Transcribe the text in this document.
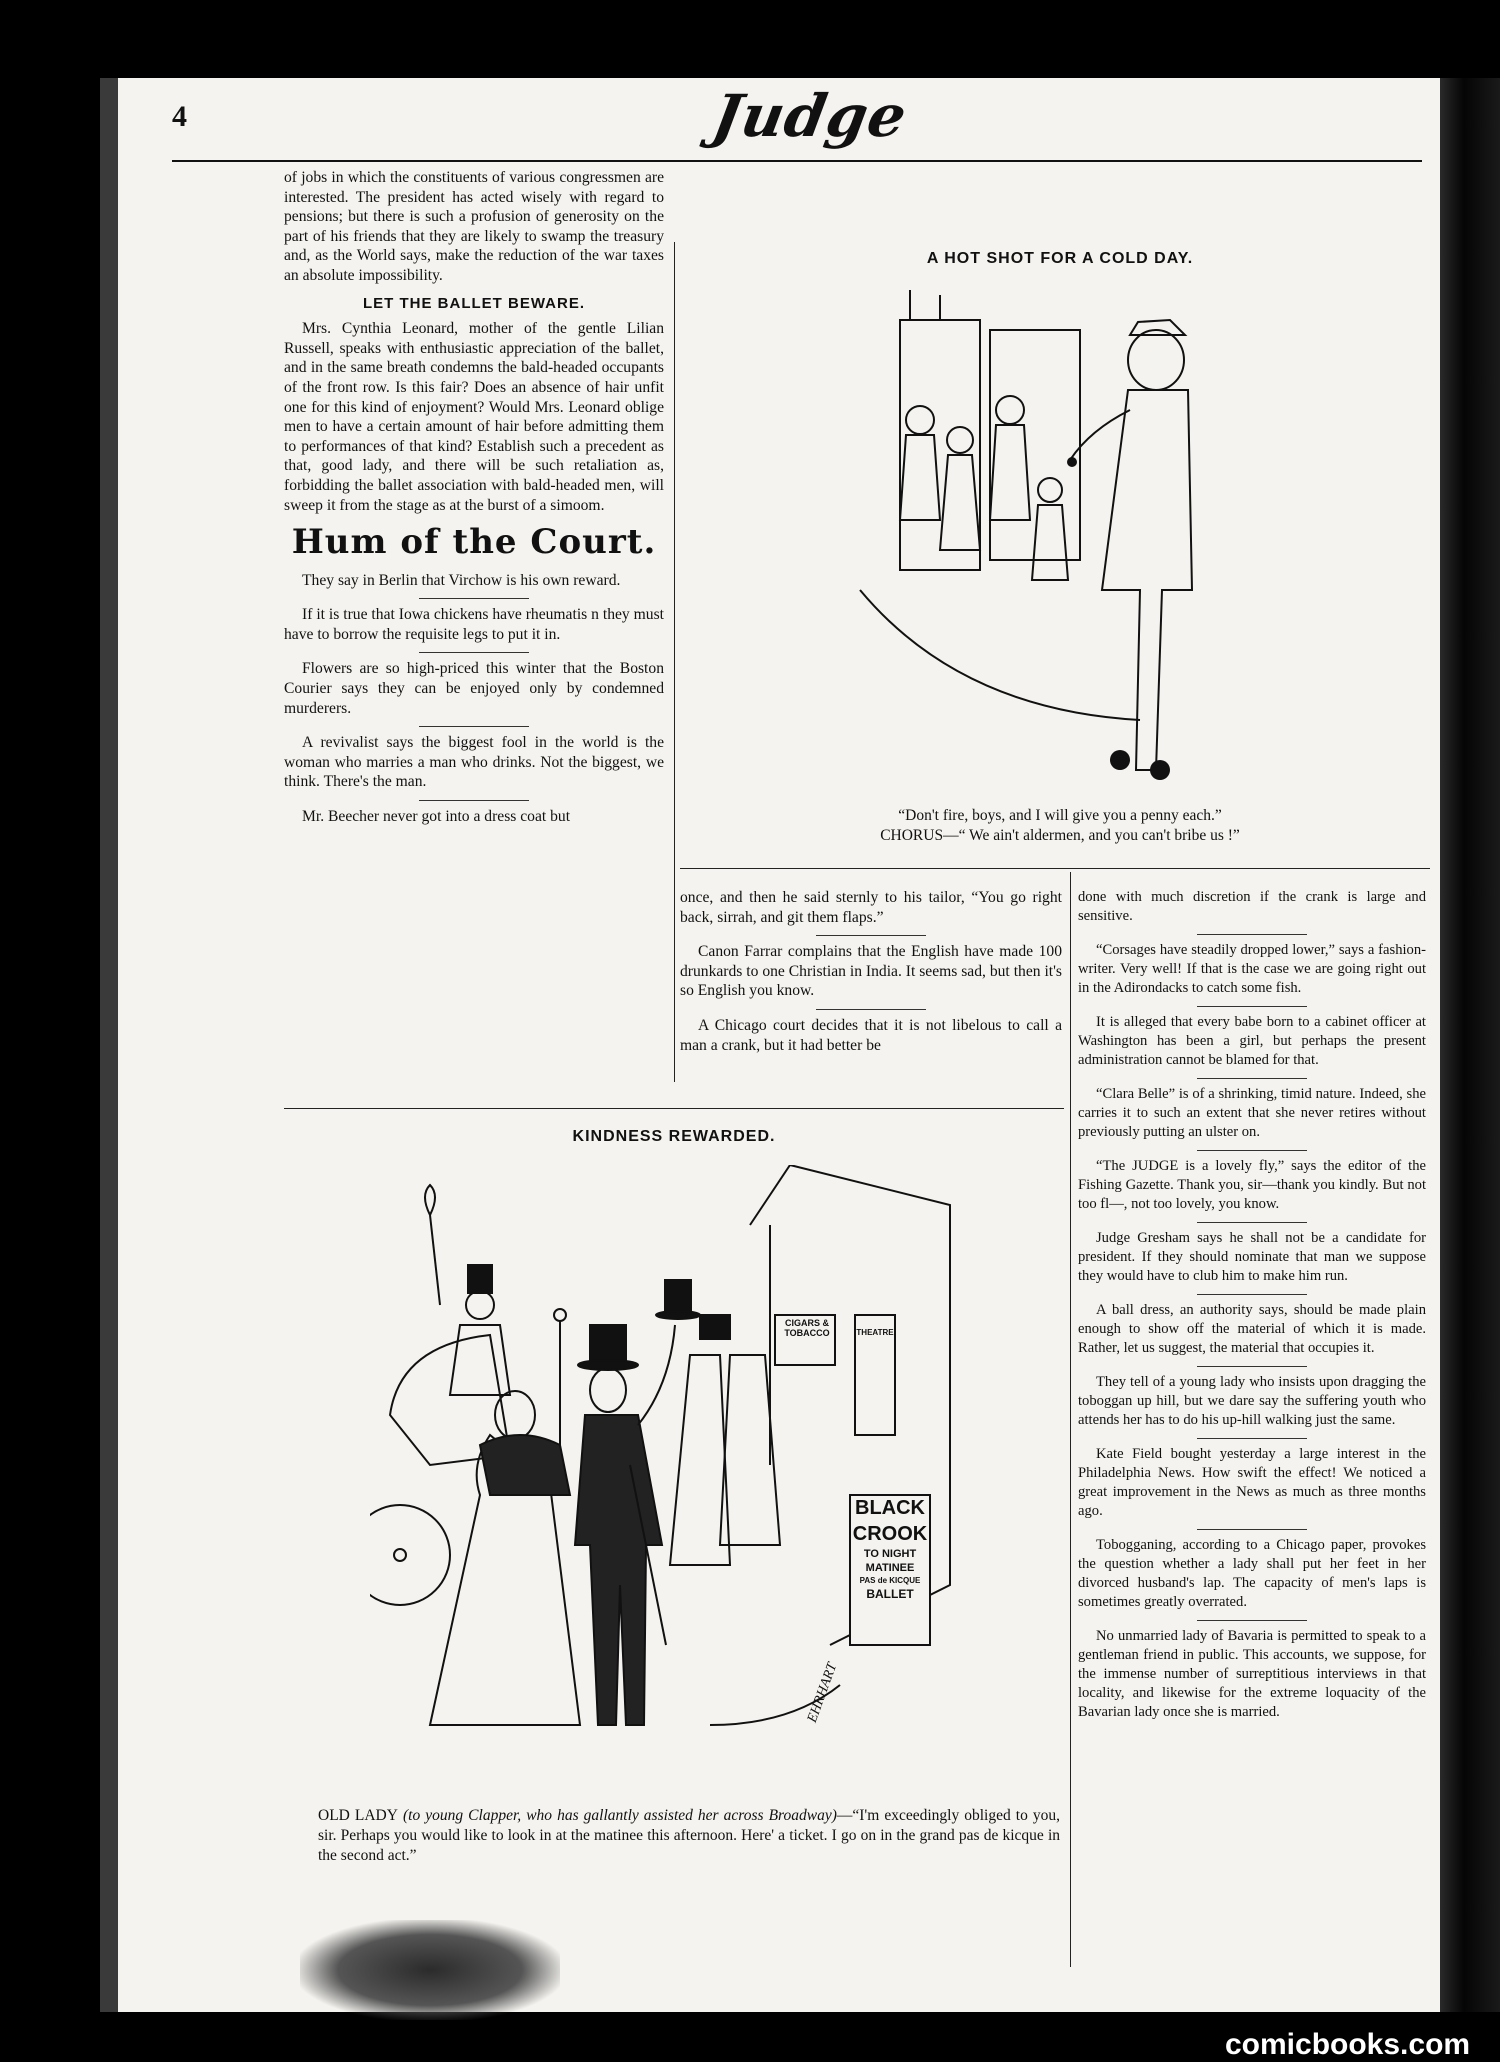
4	Judge

of jobs in which the constituents of various congressmen are interested. The president has acted wisely with regard to pensions; but there is such a profusion of generosity on the part of his friends that they are likely to swamp the treasury and, as the World says, make the reduction of the war taxes an absolute impossibility.

LET THE BALLET BEWARE.

Mrs. Cynthia Leonard, mother of the gentle Lilian Russell, speaks with enthusiastic appreciation of the ballet, and in the same breath condemns the bald-headed occupants of the front row. Is this fair? Does an absence of hair unfit one for this kind of enjoyment? Would Mrs. Leonard oblige men to have a certain amount of hair before admitting them to performances of that kind? Establish such a precedent as that, good lady, and there will be such retaliation as, forbidding the ballet association with bald-headed men, will sweep it from the stage as at the burst of a simoom.

Hum of the Court.

They say in Berlin that Virchow is his own reward.

If it is true that Iowa chickens have rheumatis n they must have to borrow the requisite legs to put it in.

Flowers are so high-priced this winter that the Boston Courier says they can be enjoyed only by condemned murderers.

A revivalist says the biggest fool in the world is the woman who marries a man who drinks. Not the biggest, we think. There's the man.

Mr. Beecher never got into a dress coat but

A HOT SHOT FOR A COLD DAY.
“Don't fire, boys, and I will give you a penny each.”
CHORUS—“ We ain't aldermen, and you can't bribe us !”

once, and then he said sternly to his tailor, “You go right back, sirrah, and git them flaps.”

Canon Farrar complains that the English have made 100 drunkards to one Christian in India. It seems sad, but then it's so English you know.

A Chicago court decides that it is not libelous to call a man a crank, but it had better be

done with much discretion if the crank is large and sensitive.

“Corsages have steadily dropped lower,” says a fashion-writer. Very well! If that is the case we are going right out in the Adirondacks to catch some fish.

It is alleged that every babe born to a cabinet officer at Washington has been a girl, but perhaps the present administration cannot be blamed for that.

“Clara Belle” is of a shrinking, timid nature. Indeed, she carries it to such an extent that she never retires without previously putting an ulster on.

“The JUDGE is a lovely fly,” says the editor of the Fishing Gazette. Thank you, sir—thank you kindly. But not too fl—, not too lovely, you know.

Judge Gresham says he shall not be a candidate for president. If they should nominate that man we suppose they would have to club him to make him run.

A ball dress, an authority says, should be made plain enough to show off the material of which it is made. Rather, let us suggest, the material that occupies it.

They tell of a young lady who insists upon dragging the toboggan up hill, but we dare say the suffering youth who attends her has to do his up-hill walking just the same.

Kate Field bought yesterday a large interest in the Philadelphia News. How swift the effect! We noticed a great improvement in the News as much as three months ago.

Tobogganing, according to a Chicago paper, provokes the question whether a lady shall put her feet in her divorced husband's lap. The capacity of men's laps is sometimes greatly overrated.

No unmarried lady of Bavaria is permitted to speak to a gentleman friend in public. This accounts, we suppose, for the immense number of surreptitious interviews in that locality, and likewise for the extreme loquacity of the Bavarian lady once she is married.

KINDNESS REWARDED.
BLACK
CROOK
TO NIGHT
MATINEE
PAS de KICQUE
BALLET
CIGARS & TOBACCO	THEATRE
EHRHART
OLD LADY (to young Clapper, who has gallantly assisted her across Broadway)—“I'm exceedingly obliged to you, sir. Perhaps you would like to look in at the matinee this afternoon. Here' a ticket. I go on in the grand pas de kicque in the second act.”
comicbooks.com
